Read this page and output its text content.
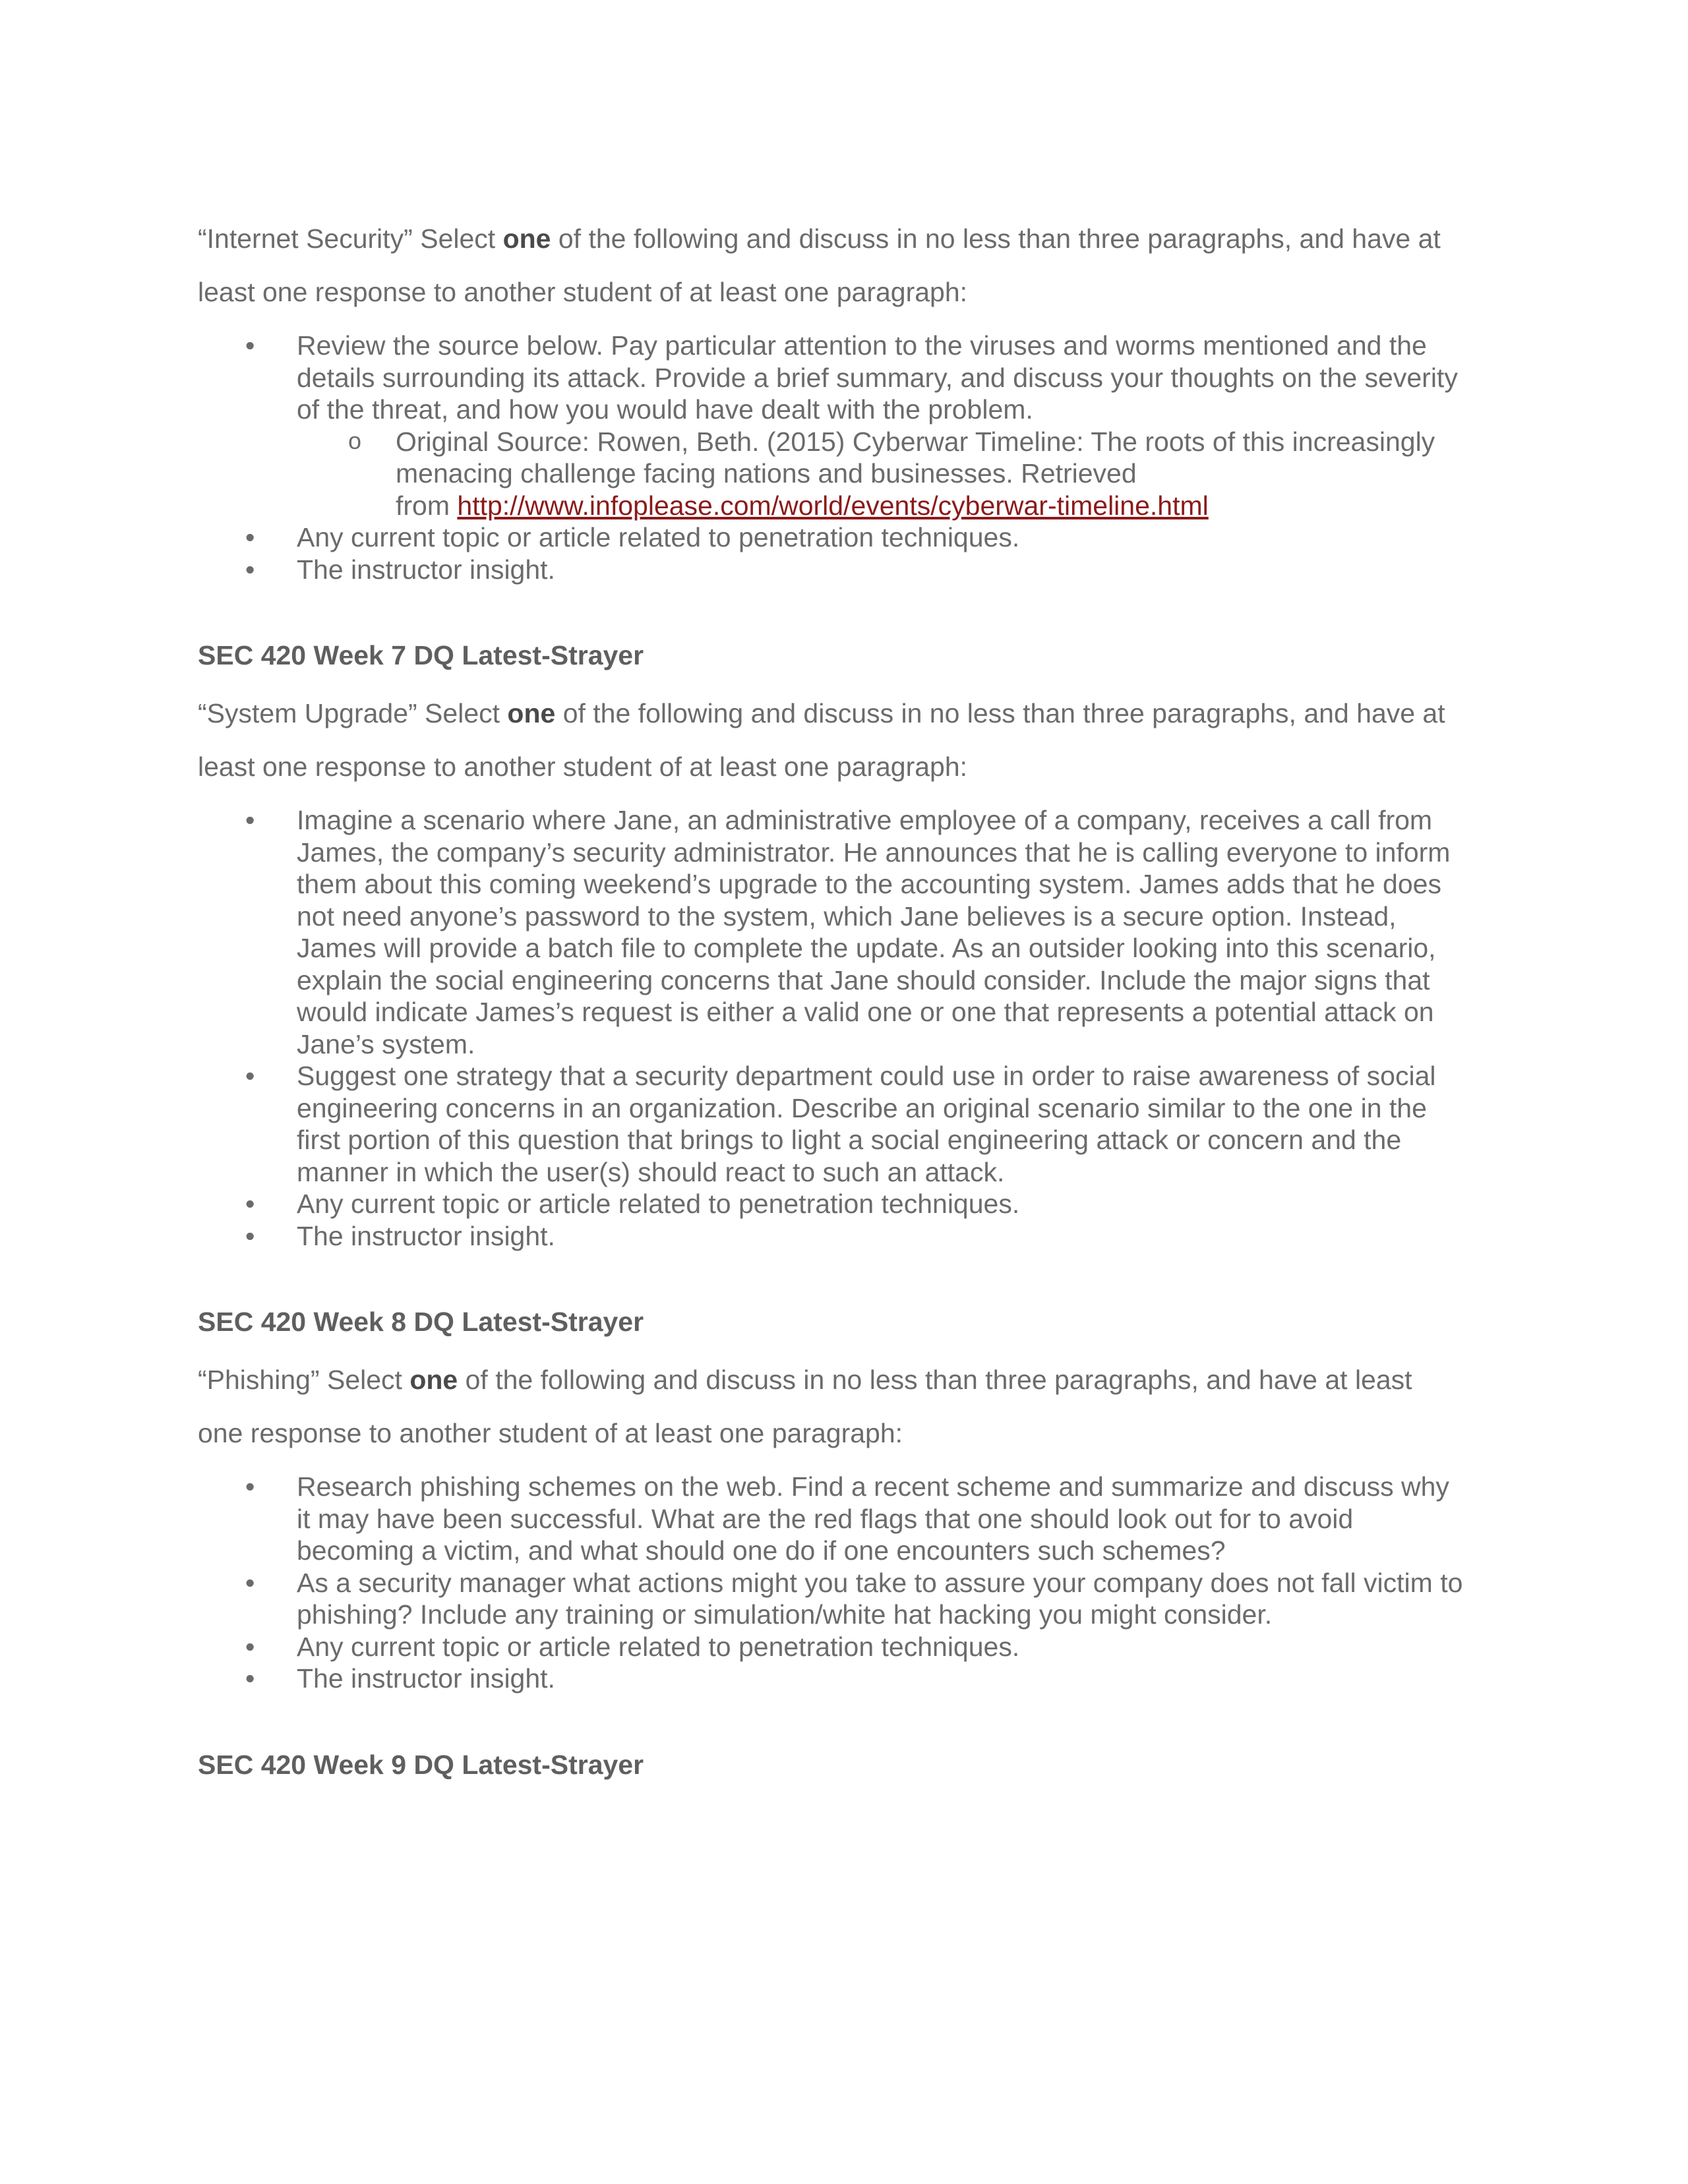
“Internet Security” Select one of the following and discuss in no less than three paragraphs, and have at
least one response to another student of at least one paragraph:

• Review the source below. Pay particular attention to the viruses and worms mentioned and the
details surrounding its attack. Provide a brief summary, and discuss your thoughts on the severity
of the threat, and how you would have dealt with the problem.
o Original Source: Rowen, Beth. (2015) Cyberwar Timeline: The roots of this increasingly
menacing challenge facing nations and businesses. Retrieved
from http://www.infoplease.com/world/events/cyberwar-timeline.html
• Any current topic or article related to penetration techniques.
• The instructor insight.

SEC 420 Week 7 DQ Latest-Strayer

“System Upgrade” Select one of the following and discuss in no less than three paragraphs, and have at
least one response to another student of at least one paragraph:

• Imagine a scenario where Jane, an administrative employee of a company, receives a call from
James, the company’s security administrator. He announces that he is calling everyone to inform
them about this coming weekend’s upgrade to the accounting system. James adds that he does
not need anyone’s password to the system, which Jane believes is a secure option. Instead,
James will provide a batch file to complete the update. As an outsider looking into this scenario,
explain the social engineering concerns that Jane should consider. Include the major signs that
would indicate James’s request is either a valid one or one that represents a potential attack on
Jane’s system.
• Suggest one strategy that a security department could use in order to raise awareness of social
engineering concerns in an organization. Describe an original scenario similar to the one in the
first portion of this question that brings to light a social engineering attack or concern and the
manner in which the user(s) should react to such an attack.
• Any current topic or article related to penetration techniques.
• The instructor insight.

SEC 420 Week 8 DQ Latest-Strayer

“Phishing” Select one of the following and discuss in no less than three paragraphs, and have at least
one response to another student of at least one paragraph:

• Research phishing schemes on the web. Find a recent scheme and summarize and discuss why
it may have been successful. What are the red flags that one should look out for to avoid
becoming a victim, and what should one do if one encounters such schemes?
• As a security manager what actions might you take to assure your company does not fall victim to
phishing? Include any training or simulation/white hat hacking you might consider.
• Any current topic or article related to penetration techniques.
• The instructor insight.

SEC 420 Week 9 DQ Latest-Strayer
